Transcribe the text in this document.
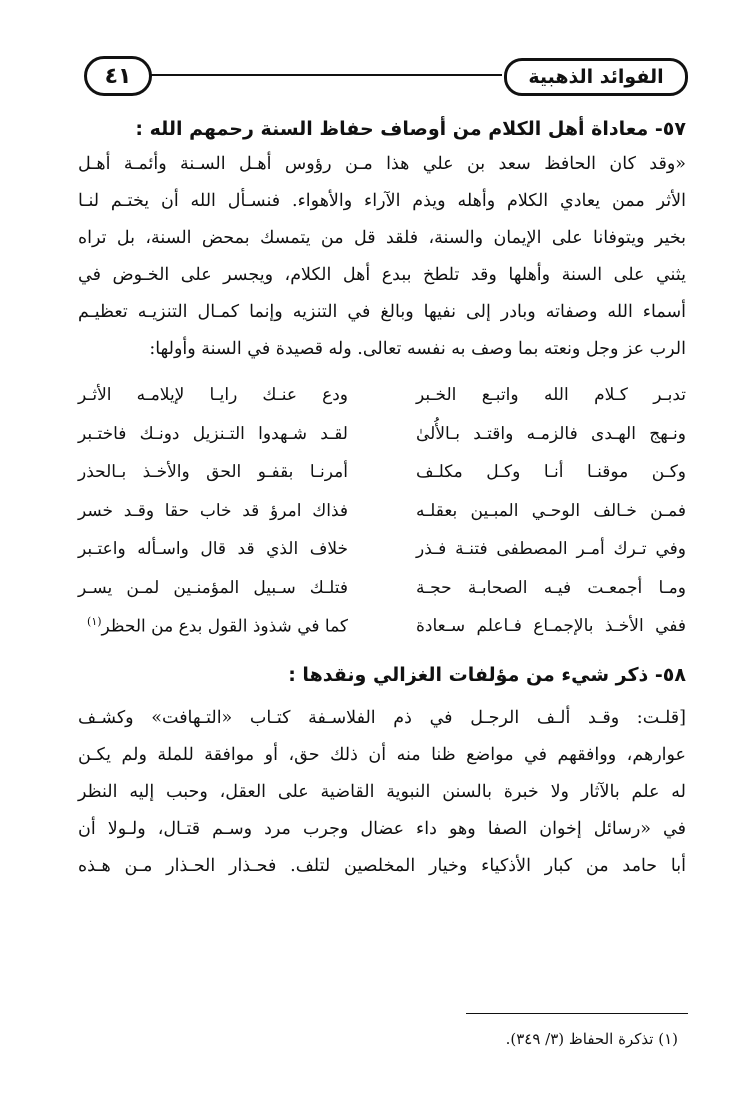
الفوائد الذهبية
٤١

٥٧- معاداة أهل الكلام من أوصاف حفاظ السنة رحمهم الله :

«وقد كان الحافظ سعد بن علي هذا مـن رؤوس أهـل السـنة وأئمـة أهـل
الأثر ممن يعادي الكلام وأهله ويذم الآراء والأهواء. فنسـأل الله أن يختـم لنـا
بخير ويتوفانا على الإيمان والسنة، فلقد قل من يتمسك بمحض السنة، بل تراه
يثني على السنة وأهلها وقد تلطخ ببدع أهل الكلام، ويجسر على الخـوض في
أسماء الله وصفاته وبادر إلى نفيها وبالغ في التنزيه وإنما كمـال التنزيـه تعظيـم
الرب عز وجل ونعته بما وصف به نفسه تعالى. وله قصيدة في السنة وأولها:
تدبـر كـلام الله واتبـع الخـبر
ودع عنـك رايـا لإيلامـه الأثـر
ونـهج الهـدى فالزمـه واقتـد بـالأُلىٰ
لقـد شـهدوا التـنزيل دونـك فاختـبر
وكـن موقنـا أنـا وكـل مكلـف
أمرنـا بقفـو الحق والأخـذ بـالحذر
فمـن خـالف الوحـي المبـين بعقلـه
فذاك امرؤ قد خاب حقا وقـد خسر
وفي تـرك أمـر المصطفى فتنـة فـذر
خلاف الذي قد قال واسـأله واعتـبر
ومـا أجمعـت فيـه الصحابـة حجـة
فتلـك سـبيل المؤمنـين لمـن يسـر
ففي الأخـذ بالإجمـاع فـاعلم سـعادة
كما في شذوذ القول بدع من الحظر$^{(١)}$

٥٨- ذكر شيء من مؤلفات الغزالي ونقدها :

[قلـت: وقـد ألـف الرجـل في ذم الفلاسـفة كتـاب «التـهافت» وكشـف
عوارهم، ووافقهم في مواضع ظنا منه أن ذلك حق، أو موافقة للملة ولم يكـن
له علم بالآثار ولا خبرة بالسنن النبوية القاضية على العقل، وحبب إليه النظر
في «رسائل إخوان الصفا وهو داء عضال وجرب مرد وسـم قتـال، ولـولا أن
أبا حامد من كبار الأذكياء وخيار المخلصين لتلف. فحـذار الحـذار مـن هـذه
(١) تذكرة الحفاظ (٣/ ٣٤٩).
